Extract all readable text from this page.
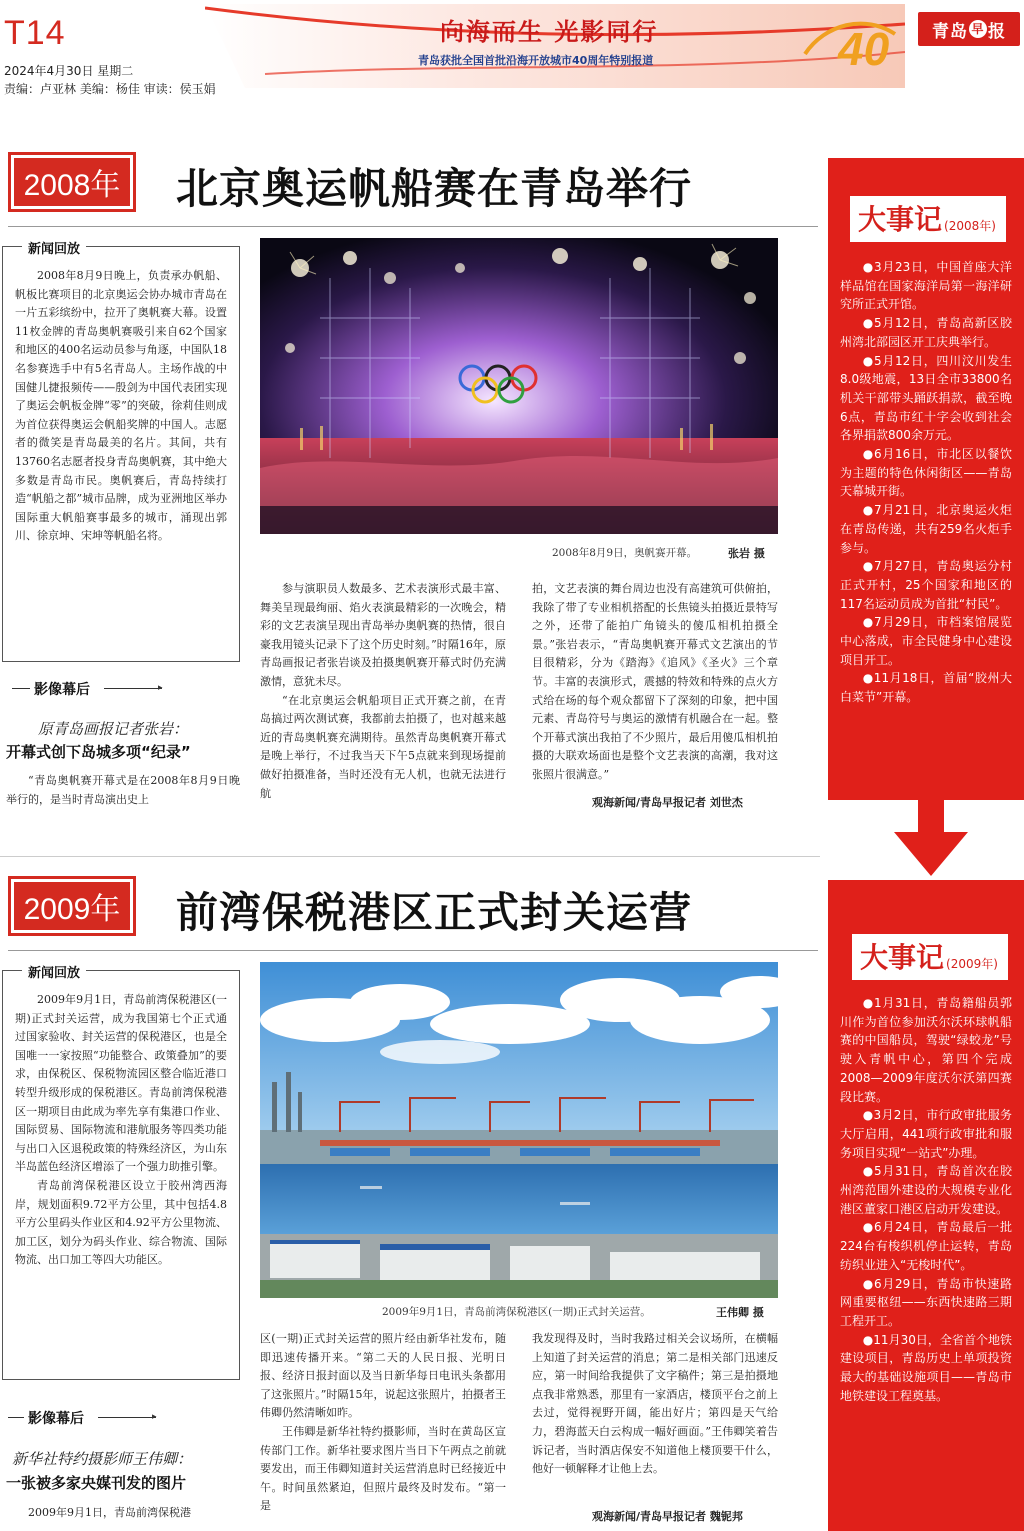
T14
2024年4月30日 星期二
责编：卢亚林 美编：杨佳 审读：侯玉娟
向海而生 光影同行
青岛获批全国首批沿海开放城市40周年特别报道	40	青岛 早 报
2008年 北京奥运帆船赛在青岛举行

2008年8月9日晚上，负责承办帆船、帆板比赛项目的北京奥运会协办城市青岛在一片五彩缤纷中，拉开了奥帆赛大幕。设置11枚金牌的青岛奥帆赛吸引来自62个国家和地区的400名运动员参与角逐，中国队18名参赛选手中有5名青岛人。主场作战的中国健儿捷报频传——殷剑为中国代表团实现了奥运会帆板金牌“零”的突破，徐莉佳则成为首位获得奥运会帆船奖牌的中国人。志愿者的微笑是青岛最美的名片。其间，共有13760名志愿者投身青岛奥帆赛，其中绝大多数是青岛市民。奥帆赛后，青岛持续打造“帆船之都”城市品牌，成为亚洲地区举办国际重大帆船赛事最多的城市，涌现出郭川、徐京坤、宋坤等帆船名将。

新闻回放
影像幕后	▸
原青岛画报记者张岩：
开幕式创下岛城多项“纪录”

“青岛奥帆赛开幕式是在2008年8月9日晚举行的，是当时青岛演出史上

2008年8月9日，奥帆赛开幕。	张岩 摄

参与演职员人数最多、艺术表演形式最丰富、舞美呈现最绚丽、焰火表演最精彩的一次晚会，精彩的文艺表演呈现出青岛举办奥帆赛的热情，很自豪我用镜头记录下了这个历史时刻。”时隔16年，原青岛画报记者张岩谈及拍摄奥帆赛开幕式时仍充满激情，意犹未尽。

“在北京奥运会帆船项目正式开赛之前，在青岛搞过两次测试赛，我都前去拍摄了，也对越来越近的青岛奥帆赛充满期待。虽然青岛奥帆赛开幕式是晚上举行，不过我当天下午5点就来到现场提前做好拍摄准备，当时还没有无人机，也就无法进行航

拍，文艺表演的舞台周边也没有高建筑可供俯拍，我除了带了专业相机搭配的长焦镜头拍摄近景特写之外，还带了能拍广角镜头的傻瓜相机拍摄全景。”张岩表示，“青岛奥帆赛开幕式文艺演出的节目很精彩，分为《踏海》《追风》《圣火》三个章节。丰富的表演形式，震撼的特效和特殊的点火方式给在场的每个观众都留下了深刻的印象，把中国元素、青岛符号与奥运的激情有机融合在一起。整个开幕式演出我拍了不少照片，最后用傻瓜相机拍摄的大联欢场面也是整个文艺表演的高潮，我对这张照片很满意。”

观海新闻/青岛早报记者 刘世杰
大事记 (2008年)

●3月23日，中国首座大洋样品馆在国家海洋局第一海洋研究所正式开馆。

●5月12日，青岛高新区胶州湾北部园区开工庆典举行。

●5月12日，四川汶川发生8.0级地震，13日全市33800名机关干部带头踊跃捐款，截至晚6点，青岛市红十字会收到社会各界捐款800余万元。

●6月16日，市北区以餐饮为主题的特色休闲街区——青岛天幕城开街。

●7月21日，北京奥运火炬在青岛传递，共有259名火炬手参与。

●7月27日，青岛奥运分村正式开村，25个国家和地区的117名运动员成为首批“村民”。

●7月29日，市档案馆展览中心落成，市全民健身中心建设项目开工。

●11月18日，首届“胶州大白菜节”开幕。

2009年 前湾保税港区正式封关运营

2009年9月1日，青岛前湾保税港区(一期)正式封关运营，成为我国第七个正式通过国家验收、封关运营的保税港区，也是全国唯一一家按照“功能整合、政策叠加”的要求，由保税区、保税物流园区整合临近港口转型升级形成的保税港区。青岛前湾保税港区一期项目由此成为率先享有集港口作业、国际贸易、国际物流和港航服务等四类功能与出口入区退税政策的特殊经济区，为山东半岛蓝色经济区增添了一个强力助推引擎。

青岛前湾保税港区设立于胶州湾西海岸，规划面积9.72平方公里，其中包括4.8平方公里码头作业区和4.92平方公里物流、加工区，划分为码头作业、综合物流、国际物流、出口加工等四大功能区。

新闻回放
影像幕后	▸
新华社特约摄影师王伟卿：
一张被多家央媒刊发的图片

2009年9月1日，青岛前湾保税港

2009年9月1日，青岛前湾保税港区(一期)正式封关运营。	王伟卿 摄

区(一期)正式封关运营的照片经由新华社发布，随即迅速传播开来。“第二天的人民日报、光明日报、经济日报封面以及当日新华每日电讯头条都用了这张照片。”时隔15年，说起这张照片，拍摄者王伟卿仍然清晰如昨。

王伟卿是新华社特约摄影师，当时在黄岛区宣传部门工作。新华社要求图片当日下午两点之前就要发出，而王伟卿知道封关运营消息时已经接近中午。时间虽然紧迫，但照片最终及时发布。“第一是

我发现得及时，当时我路过相关会议场所，在横幅上知道了封关运营的消息；第二是相关部门迅速反应，第一时间给我提供了文字稿件；第三是拍摄地点我非常熟悉，那里有一家酒店，楼顶平台之前上去过，觉得视野开阔，能出好片；第四是天气给力，碧海蓝天白云构成一幅好画面。”王伟卿笑着告诉记者，当时酒店保安不知道他上楼顶要干什么，他好一顿解释才让他上去。

观海新闻/青岛早报记者 魏铌邦
大事记 (2009年)

●1月31日，青岛籍船员郭川作为首位参加沃尔沃环球帆船赛的中国船员，驾驶“绿蛟龙”号驶入青帆中心，第四个完成2008—2009年度沃尔沃第四赛段比赛。

●3月2日，市行政审批服务大厅启用，441项行政审批和服务项目实现“一站式”办理。

●5月31日，青岛首次在胶州湾范围外建设的大规模专业化港区董家口港区启动开发建设。

●6月24日，青岛最后一批224台有梭织机停止运转，青岛纺织业进入“无梭时代”。

●6月29日，青岛市快速路网重要枢纽——东西快速路三期工程开工。

●11月30日，全省首个地铁建设项目，青岛历史上单项投资最大的基础设施项目——青岛市地铁建设工程奠基。
